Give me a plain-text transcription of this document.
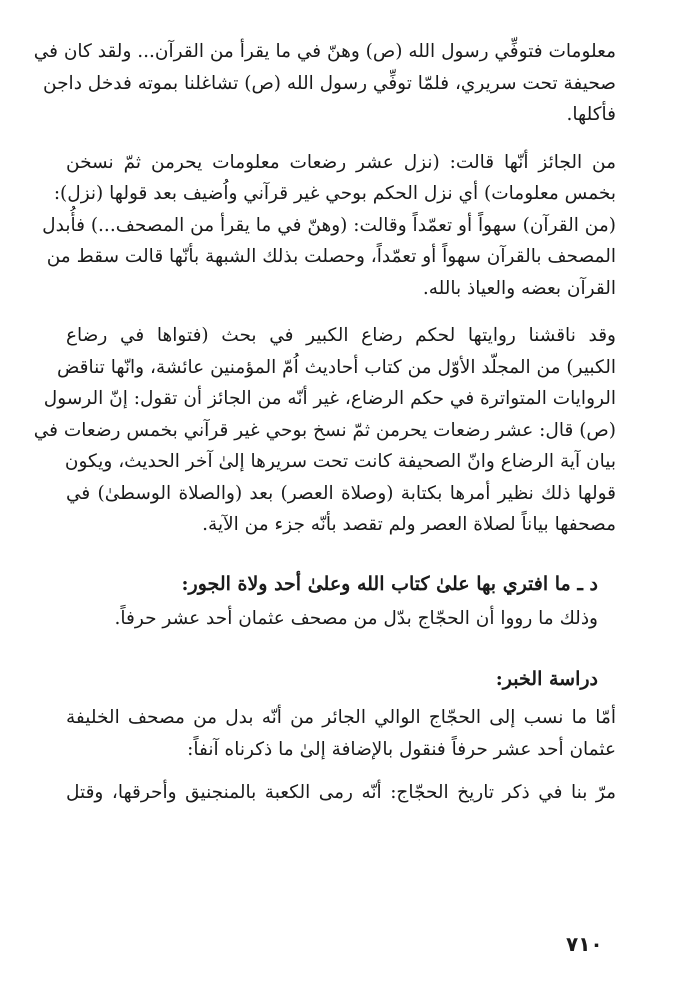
معلومات فتوفِّي رسول الله (ص) وهنّ في ما يقرأ من القرآن... ولقد كان في
صحيفة تحت سريري، فلمّا توفِّي رسول الله (ص) تشاغلنا بموته فدخل داجن
فأكلها.

من الجائز أنّها قالت: (نزل عشر رضعات معلومات يحرمن ثمّ نسخن
بخمس معلومات) أي نزل الحكم بوحي غير قرآني واُضيف بعد قولها (نزل):
(من القرآن) سهواً أو تعمّداً وقالت: (وهنّ في ما يقرأ من المصحف...) فأُبدل
المصحف بالقرآن سهواً أو تعمّداً، وحصلت بذلك الشبهة بأنّها قالت سقط من
القرآن بعضه والعياذ بالله.

وقد ناقشنا روايتها لحكم رضاع الكبير في بحث (فتواها في رضاع
الكبير) من المجلّد الأوّل من كتاب أحاديث اُمّ المؤمنين عائشة، وانّها تناقض
الروايات المتواترة في حكم الرضاع، غير أنّه من الجائز أن تقول: إنّ الرسول
(ص) قال: عشر رضعات يحرمن ثمّ نسخ بوحي غير قرآني بخمس رضعات في
بيان آية الرضاع وانّ الصحيفة كانت تحت سريرها إلىٰ آخر الحديث، ويكون
قولها ذلك نظير أمرها بكتابة (وصلاة العصر) بعد (والصلاة الوسطىٰ) في
مصحفها بياناً لصلاة العصر ولم تقصد بأنّه جزء من الآية.

د ـ ما افتري بها علىٰ كتاب الله وعلىٰ أحد ولاة الجور:

وذلك ما رووا أن الحجّاج بدّل من مصحف عثمان أحد عشر حرفاً.

دراسة الخبر:

أمّا ما نسب إلى الحجّاج الوالي الجائر من أنّه بدل من مصحف الخليفة
عثمان أحد عشر حرفاً فنقول بالإضافة إلىٰ ما ذكرناه آنفاً:

مرّ بنا في ذكر تاريخ الحجّاج: أنّه رمى الكعبة بالمنجنيق وأحرقها، وقتل

٧١٠
